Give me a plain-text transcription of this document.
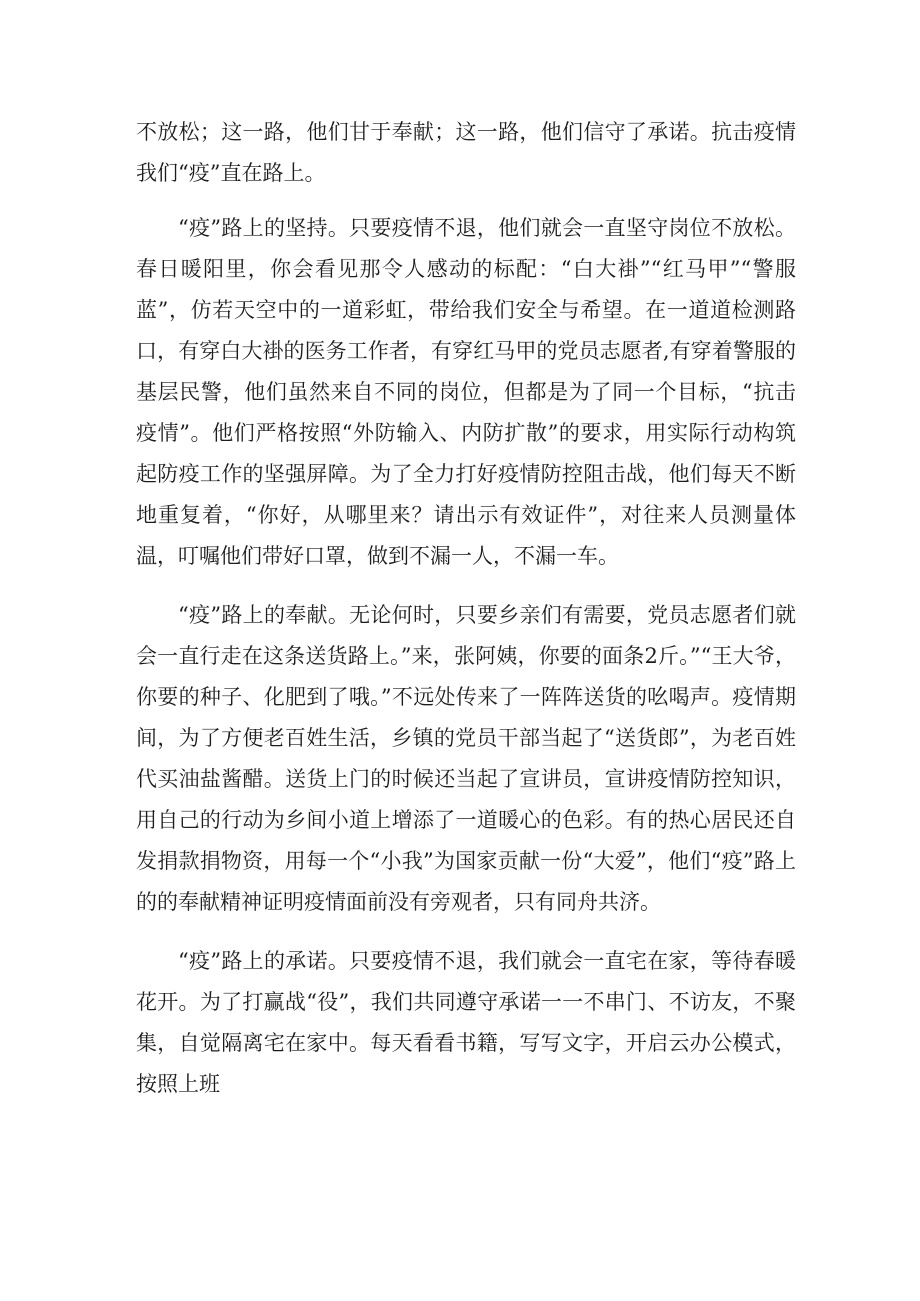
不放松；这一路，他们甘于奉献；这一路，他们信守了承诺。抗击疫情我们“疫”直在路上。

“疫”路上的坚持。只要疫情不退，他们就会一直坚守岗位不放松。春日暖阳里，你会看见那令人感动的标配：“白大褂”“红马甲”“警服蓝”，仿若天空中的一道彩虹，带给我们安全与希望。在一道道检测路口，有穿白大褂的医务工作者，有穿红马甲的党员志愿者,有穿着警服的基层民警，他们虽然来自不同的岗位，但都是为了同一个目标，“抗击疫情”。他们严格按照“外防输入、内防扩散”的要求，用实际行动构筑起防疫工作的坚强屏障。为了全力打好疫情防控阻击战，他们每天不断地重复着，“你好，从哪里来？请出示有效证件”，对往来人员测量体温，叮嘱他们带好口罩，做到不漏一人，不漏一车。

“疫”路上的奉献。无论何时，只要乡亲们有需要，党员志愿者们就会一直行走在这条送货路上。”来，张阿姨，你要的面条2斤。”“王大爷，你要的种子、化肥到了哦。”不远处传来了一阵阵送货的吆喝声。疫情期间，为了方便老百姓生活，乡镇的党员干部当起了“送货郎”，为老百姓代买油盐酱醋。送货上门的时候还当起了宣讲员，宣讲疫情防控知识，用自己的行动为乡间小道上增添了一道暖心的色彩。有的热心居民还自发捐款捐物资，用每一个“小我”为国家贡献一份“大爱”，他们“疫”路上的的奉献精神证明疫情面前没有旁观者，只有同舟共济。

“疫”路上的承诺。只要疫情不退，我们就会一直宅在家，等待春暖花开。为了打赢战“役”，我们共同遵守承诺一一不串门、不访友，不聚集，自觉隔离宅在家中。每天看看书籍，写写文字，开启云办公模式，按照上班
